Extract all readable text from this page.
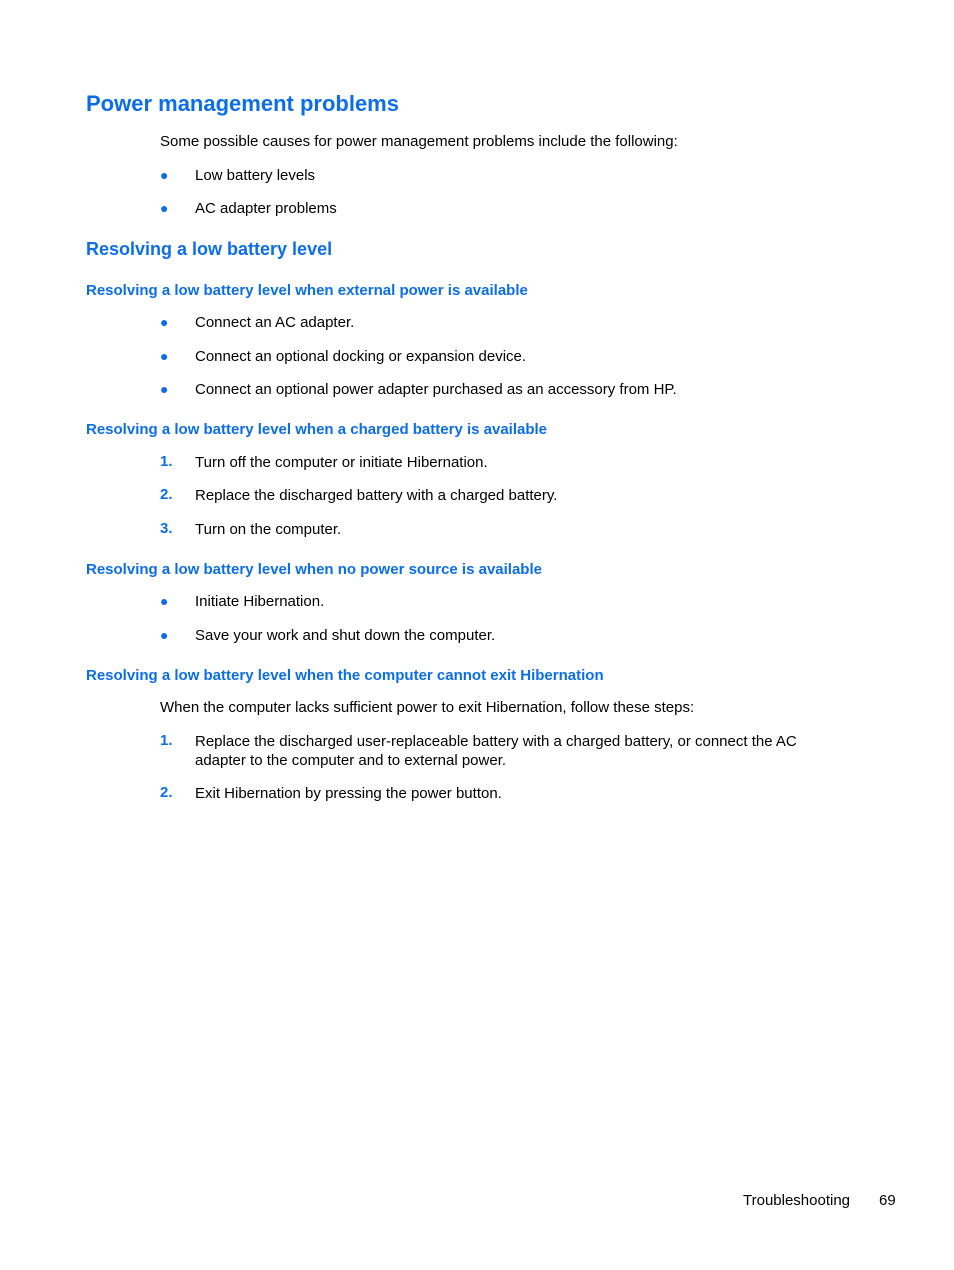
Power management problems
Some possible causes for power management problems include the following:
● Low battery levels
● AC adapter problems
Resolving a low battery level
Resolving a low battery level when external power is available
● Connect an AC adapter.
● Connect an optional docking or expansion device.
● Connect an optional power adapter purchased as an accessory from HP.
Resolving a low battery level when a charged battery is available
1. Turn off the computer or initiate Hibernation.
2. Replace the discharged battery with a charged battery.
3. Turn on the computer.
Resolving a low battery level when no power source is available
● Initiate Hibernation.
● Save your work and shut down the computer.
Resolving a low battery level when the computer cannot exit Hibernation
When the computer lacks sufficient power to exit Hibernation, follow these steps:
1. Replace the discharged user-replaceable battery with a charged battery, or connect the AC adapter to the computer and to external power.
2. Exit Hibernation by pressing the power button.
Troubleshooting 69
